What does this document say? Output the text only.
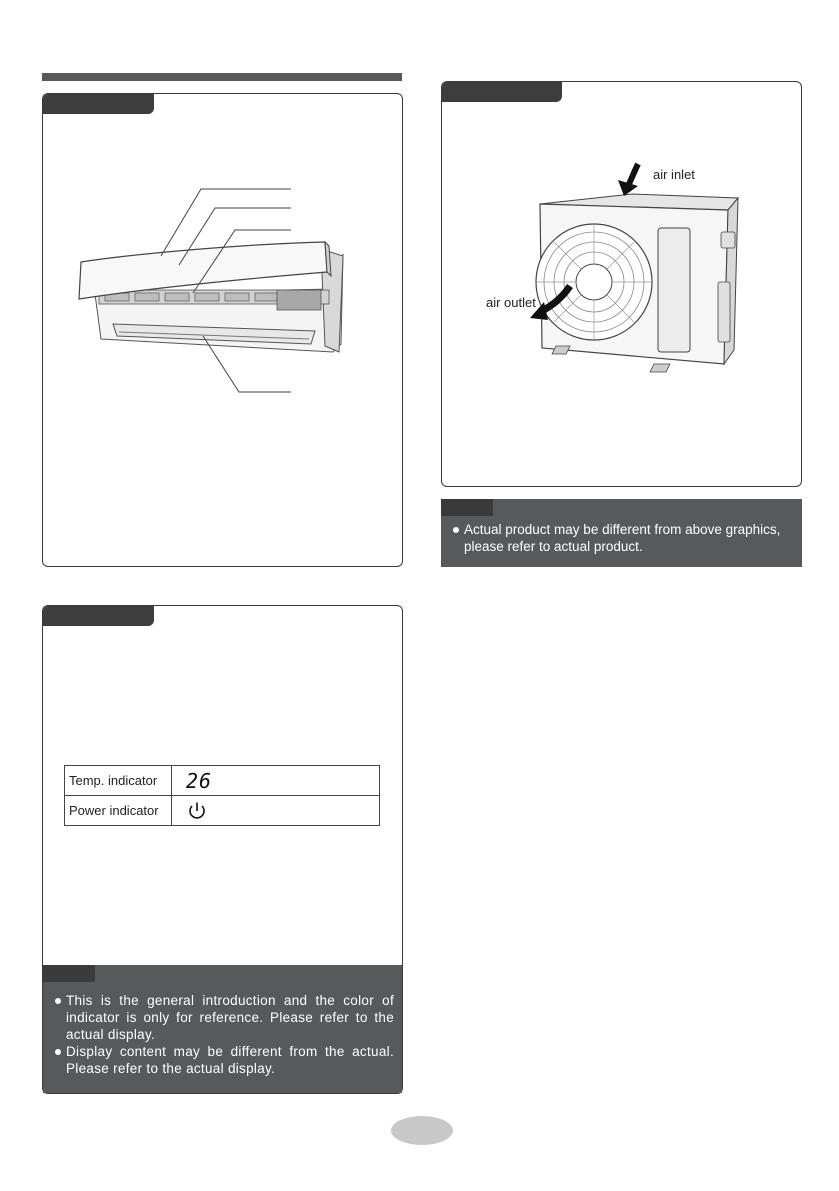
Temp. indicator	26
Power indicator	
This is the general introduction and the color of indicator is only for reference. Please refer to the actual display.
Display content may be different from the actual. Please refer to the actual display.
air inlet
air outlet
Actual product may be different from above graphics, please refer to actual product.
